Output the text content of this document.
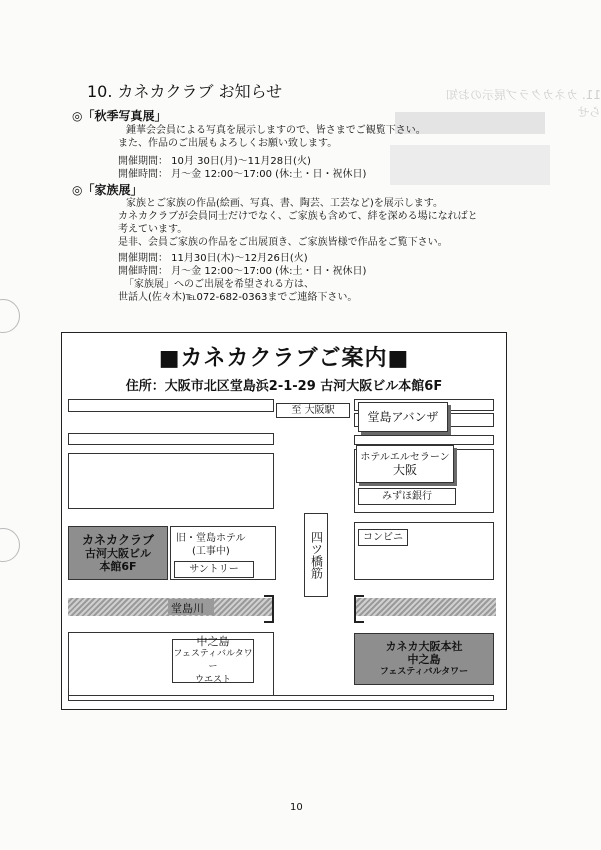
11. カネカクラブ展示のお知らせ
10. カネカクラブ お知らせ
◎「秋季写真展」
鍾華会会員による写真を展示しますので、皆さまでご観覧下さい。
また、作品のご出展もよろしくお願い致します。
開催期間： 10月 30日(月)～11月28日(火)
開催時間： 月～金 12:00～17:00 (休:土・日・祝休日)
◎「家族展」
家族とご家族の作品(絵画、写真、書、陶芸、工芸など)を展示します。
カネカクラブが会員同士だけでなく、ご家族も含めて、絆を深める場になればと
考えています。
是非、会員ご家族の作品をご出展頂き、ご家族皆様で作品をご覧下さい。
開催期間： 11月30日(木)～12月26日(火)
開催時間： 月～金 12:00～17:00 (休:土・日・祝休日)
「家族展」へのご出展を希望される方は、
世話人(佐々木)℡072-682-0363までご連絡下さい。
■カネカクラブご案内■
住所：大阪市北区堂島浜2-1-29 古河大阪ビル本館6F
至 大阪駅	堂島アバンザ
ホテルエルセラーン
大阪
みずほ銀行
カネカクラブ
古河大阪ビル
本館6F
旧・堂島ホテル
(工事中)
サントリー	四ツ橋筋	コンビニ
堂島川
中之島
フェスティバルタワー
ウエスト
カネカ大阪本社
中之島
フェスティバルタワー
10
